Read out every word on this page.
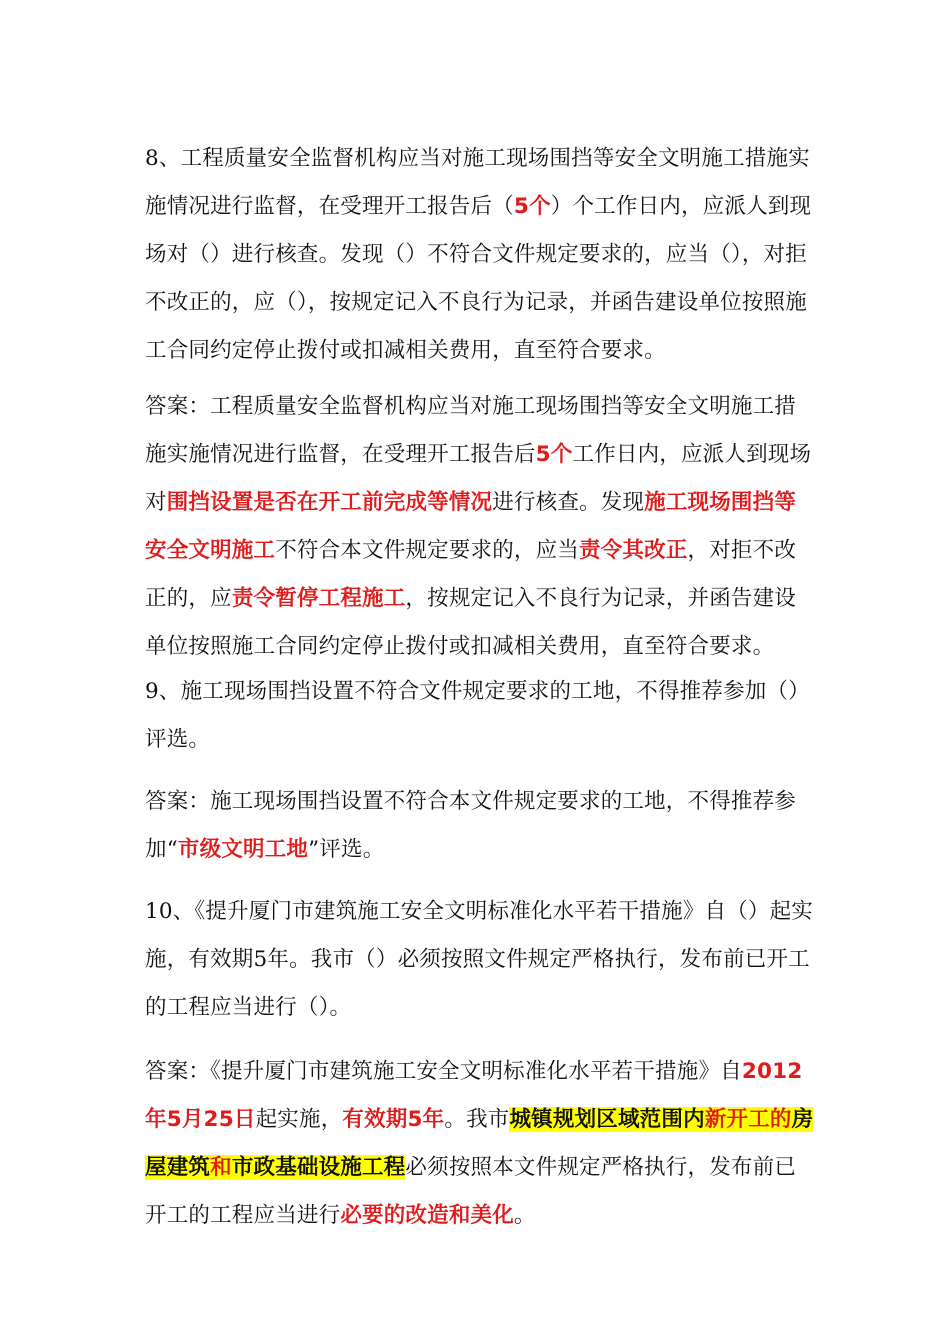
8、工程质量安全监督机构应当对施工现场围挡等安全文明施工措施实施情况进行监督，在受理开工报告后（5个）个工作日内，应派人到现场对（）进行核查。发现（）不符合文件规定要求的，应当（），对拒不改正的，应（），按规定记入不良行为记录，并函告建设单位按照施工合同约定停止拨付或扣减相关费用，直至符合要求。

答案：工程质量安全监督机构应当对施工现场围挡等安全文明施工措施实施情况进行监督，在受理开工报告后5个工作日内，应派人到现场对围挡设置是否在开工前完成等情况进行核查。发现施工现场围挡等安全文明施工不符合本文件规定要求的，应当责令其改正，对拒不改正的，应责令暂停工程施工，按规定记入不良行为记录，并函告建设单位按照施工合同约定停止拨付或扣减相关费用，直至符合要求。

9、施工现场围挡设置不符合文件规定要求的工地，不得推荐参加（）评选。

答案：施工现场围挡设置不符合本文件规定要求的工地，不得推荐参加“市级文明工地”评选。

10、《提升厦门市建筑施工安全文明标准化水平若干措施》自（）起实施，有效期5年。我市（）必须按照文件规定严格执行，发布前已开工的工程应当进行（）。

答案：《提升厦门市建筑施工安全文明标准化水平若干措施》自2012年5月25日起实施，有效期5年。我市城镇规划区域范围内新开工的房屋建筑和市政基础设施工程必须按照本文件规定严格执行，发布前已开工的工程应当进行必要的改造和美化。
